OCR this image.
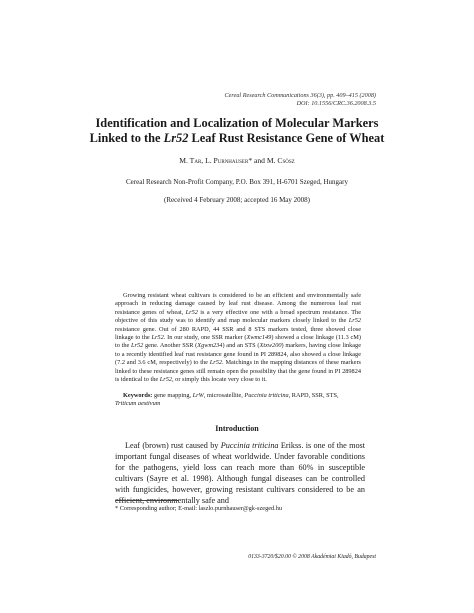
Cereal Research Communications 36(3), pp. 409–415 (2008)
DOI: 10.1556/CRC.36.2008.3.5
Identification and Localization of Molecular Markers
Linked to the Lr52 Leaf Rust Resistance Gene of Wheat
M. Tar, L. Purnhauser* and M. Csösz
Cereal Research Non-Profit Company, P.O. Box 391, H-6701 Szeged, Hungary
(Received 4 February 2008; accepted 16 May 2008)
Growing resistant wheat cultivars is considered to be an efficient and environmentally safe approach in reducing damage caused by leaf rust disease. Among the numerous leaf rust resistance genes of wheat, Lr52 is a very effective one with a broad spectrum resistance. The objective of this study was to identify and map molecular markers closely linked to the Lr52 resistance gene. Out of 280 RAPD, 44 SSR and 8 STS markers tested, three showed close linkage to the Lr52. In our study, one SSR marker (Xwmc149) showed a close linkage (11.3 cM) to the Lr52 gene. Another SSR (Xgwm234) and an STS (Xtxw200) markers, having close linkage to a recently identified leaf rust resistance gene found in PI 289824, also showed a close linkage (7.2 and 3.6 cM, respectively) to the Lr52. Matchings in the mapping distances of these markers linked to these resistance genes still remain open the possibility that the gene found in PI 289824 is identical to the Lr52, or simply this locate very close to it.
Keywords: gene mapping, LrW, microsatellite, Puccinia triticina, RAPD, SSR, STS, Triticum aestivum
Introduction
Leaf (brown) rust caused by Puccinia triticina Erikss. is one of the most important fungal diseases of wheat worldwide. Under favorable conditions for the pathogens, yield loss can reach more than 60% in susceptible cultivars (Sayre et al. 1998). Although fungal diseases can be controlled with fungicides, however, growing resistant cultivars considered to be an efficient, environmentally safe and
* Corresponding author; E-mail: laszlo.purnhauser@gk-szeged.hu
0133-3720/$20.00 © 2008 Akadémiai Kiadó, Budapest
